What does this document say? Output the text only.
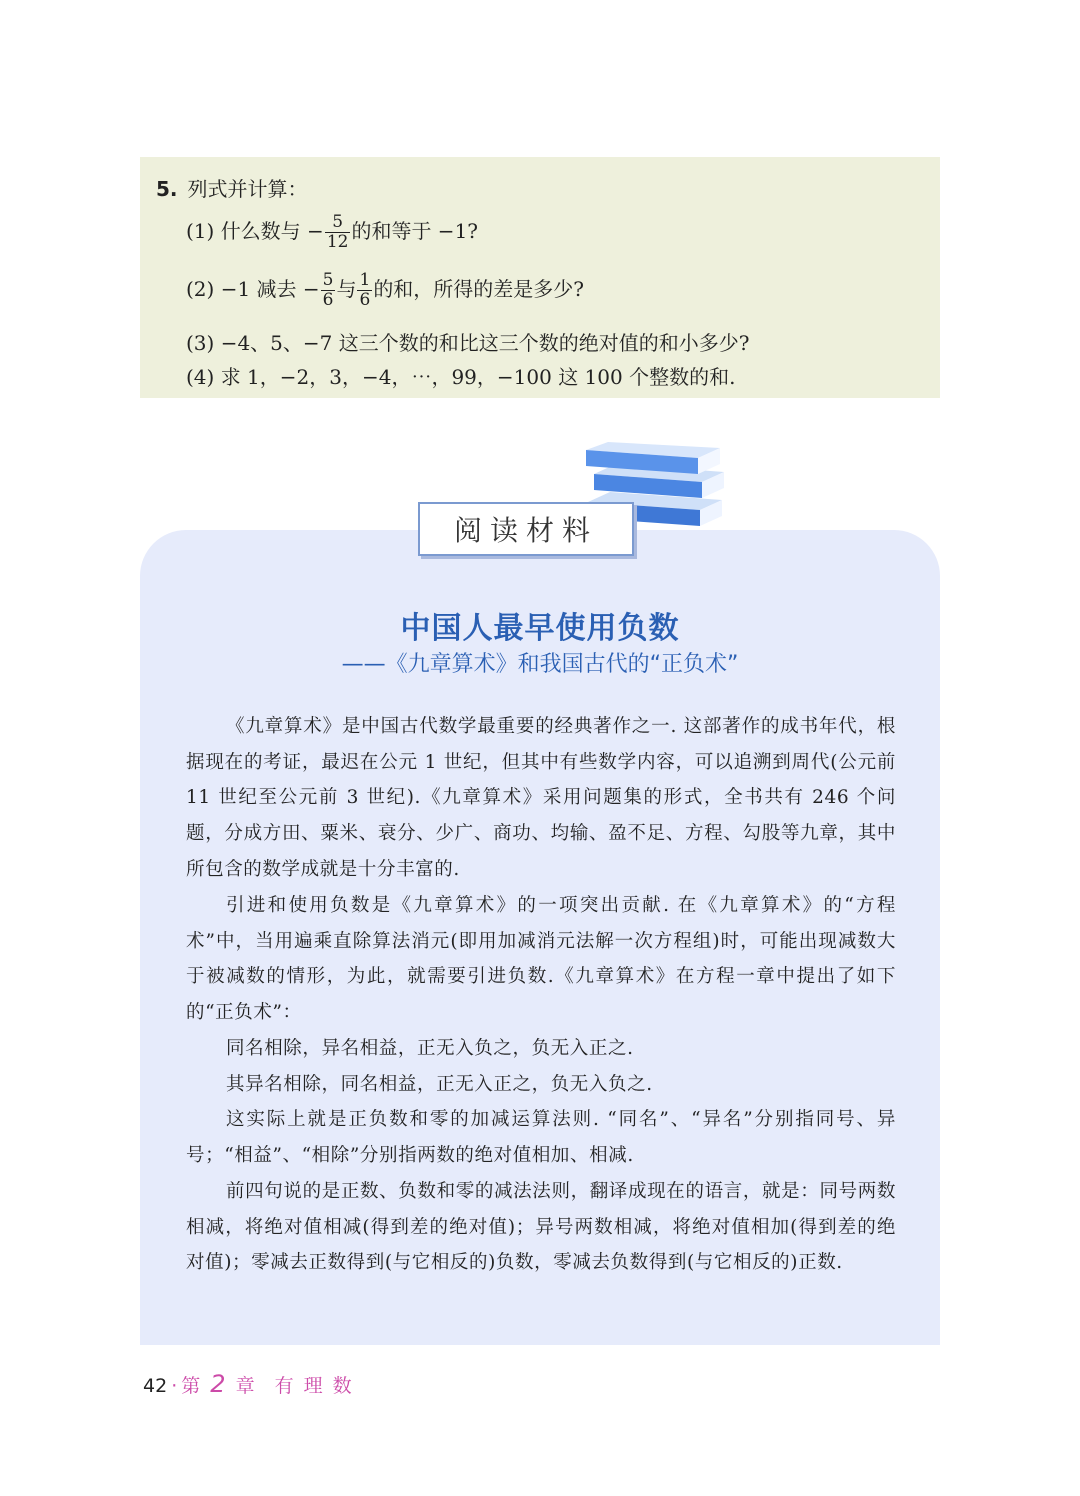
5. 列式并计算：
(1) 什么数与 − $\frac{5}{12}$ 的和等于 −1?
(2) −1 减去 − $\frac{5}{6}$ 与 $\frac{1}{6}$ 的和，所得的差是多少?
(3) −4、5、−7 这三个数的和比这三个数的绝对值的和小多少?
(4) 求 1，−2，3，−4，⋯，99，−100 这 100 个整数的和.
阅读材料
中国人最早使用负数
——《九章算术》和我国古代的“正负术”

《九章算术》是中国古代数学最重要的经典著作之一. 这部著作的成书年代，根据现在的考证，最迟在公元 1 世纪，但其中有些数学内容，可以追溯到周代(公元前 11 世纪至公元前 3 世纪).《九章算术》采用问题集的形式，全书共有 246 个问题，分成方田、粟米、衰分、少广、商功、均输、盈不足、方程、勾股等九章，其中所包含的数学成就是十分丰富的.

引进和使用负数是《九章算术》的一项突出贡献. 在《九章算术》的“方程术”中，当用遍乘直除算法消元(即用加减消元法解一次方程组)时，可能出现减数大于被减数的情形，为此，就需要引进负数.《九章算术》在方程一章中提出了如下的“正负术”：

同名相除，异名相益，正无入负之，负无入正之.

其异名相除，同名相益，正无入正之，负无入负之.

这实际上就是正负数和零的加减运算法则. “同名”、“异名”分别指同号、异号；“相益”、“相除”分别指两数的绝对值相加、相减.

前四句说的是正数、负数和零的减法法则，翻译成现在的语言，就是：同号两数相减，将绝对值相减(得到差的绝对值)；异号两数相减，将绝对值相加(得到差的绝对值)；零减去正数得到(与它相反的)负数，零减去负数得到(与它相反的)正数.

42 · 第 2 章 有理数
